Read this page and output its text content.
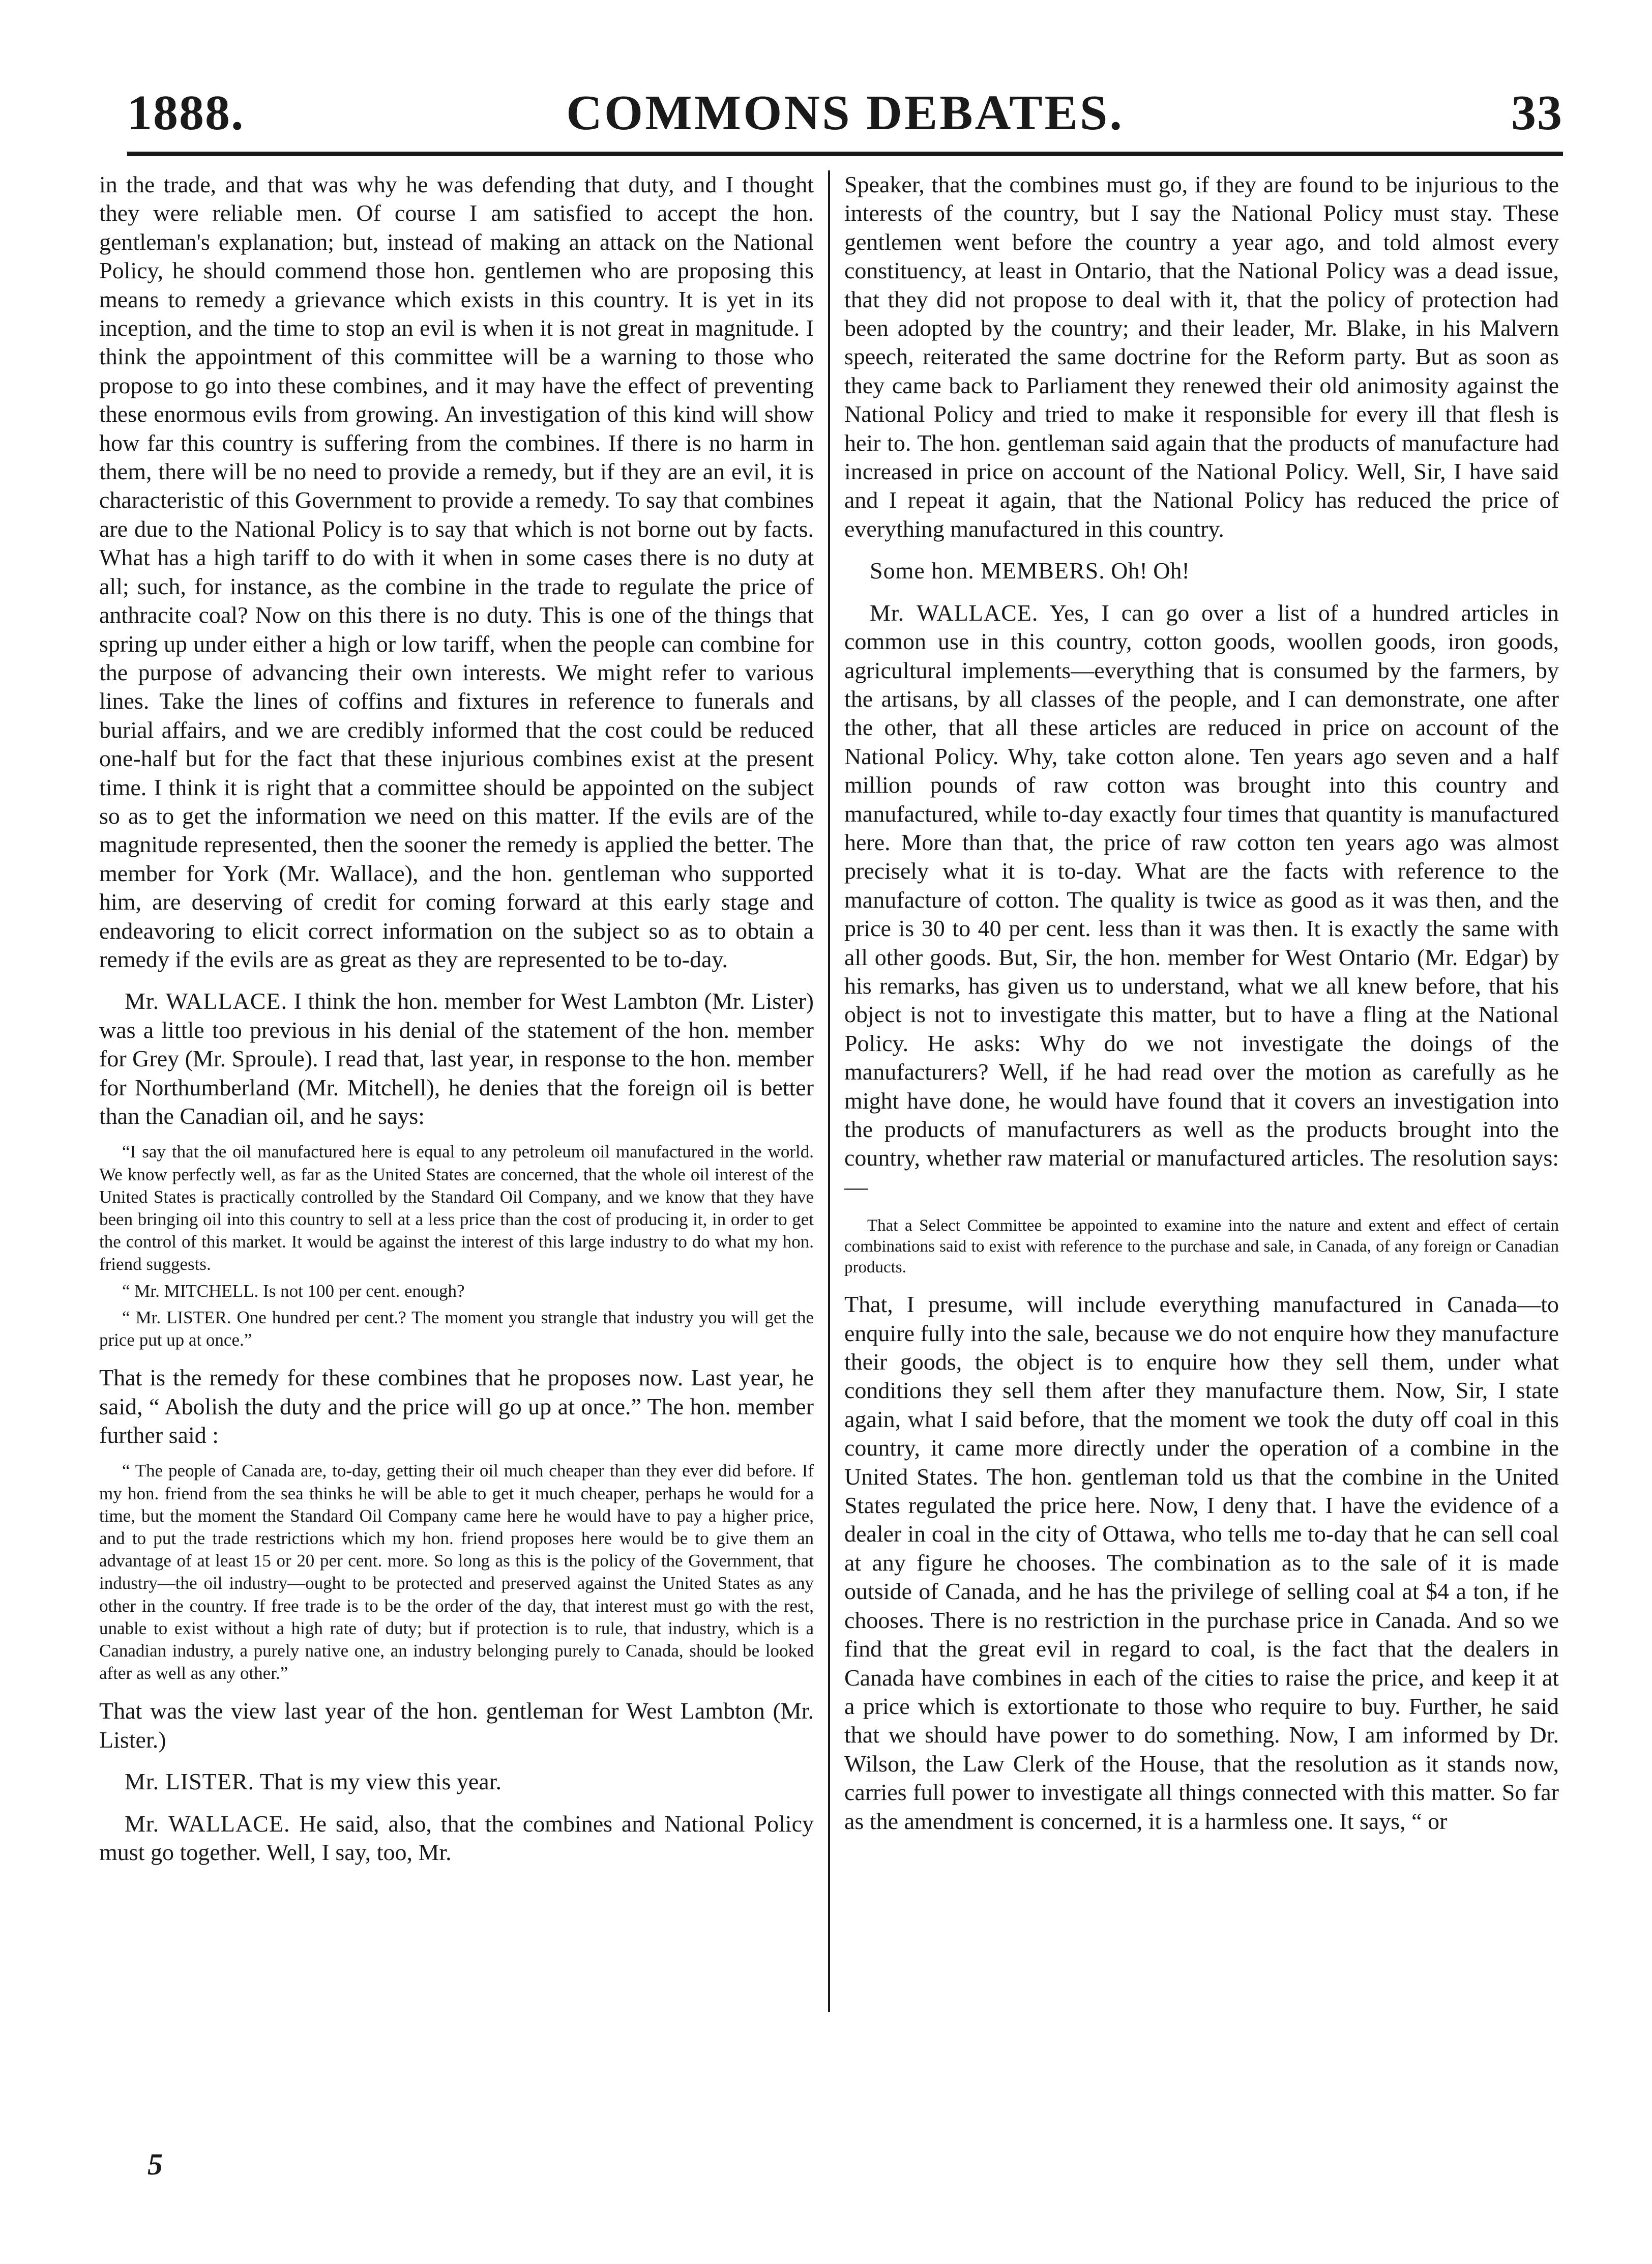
COMMONS DEBATES.
1888.	33

in the trade, and that was why he was defending that duty, and I thought they were reliable men. Of course I am satisfied to accept the hon. gentleman's explanation; but, instead of making an attack on the National Policy, he should commend those hon. gentlemen who are proposing this means to remedy a grievance which exists in this country. It is yet in its inception, and the time to stop an evil is when it is not great in magnitude. I think the appointment of this committee will be a warning to those who propose to go into these combines, and it may have the effect of preventing these enormous evils from growing. An investigation of this kind will show how far this country is suffering from the combines. If there is no harm in them, there will be no need to provide a remedy, but if they are an evil, it is characteristic of this Government to provide a remedy. To say that combines are due to the National Policy is to say that which is not borne out by facts. What has a high tariff to do with it when in some cases there is no duty at all; such, for instance, as the combine in the trade to regulate the price of anthracite coal? Now on this there is no duty. This is one of the things that spring up under either a high or low tariff, when the people can combine for the purpose of advancing their own interests. We might refer to various lines. Take the lines of coffins and fixtures in reference to funerals and burial affairs, and we are credibly informed that the cost could be reduced one-half but for the fact that these injurious combines exist at the present time. I think it is right that a committee should be appointed on the subject so as to get the information we need on this matter. If the evils are of the magnitude represented, then the sooner the remedy is applied the better. The member for York (Mr. Wallace), and the hon. gentleman who supported him, are deserving of credit for coming forward at this early stage and endeavoring to elicit correct information on the subject so as to obtain a remedy if the evils are as great as they are represented to be to-day.

Mr. WALLACE. I think the hon. member for West Lambton (Mr. Lister) was a little too previous in his denial of the statement of the hon. member for Grey (Mr. Sproule). I read that, last year, in response to the hon. member for Northumberland (Mr. Mitchell), he denies that the foreign oil is better than the Canadian oil, and he says:

“I say that the oil manufactured here is equal to any petroleum oil manufactured in the world. We know perfectly well, as far as the United States are concerned, that the whole oil interest of the United States is practically controlled by the Standard Oil Company, and we know that they have been bringing oil into this country to sell at a less price than the cost of producing it, in order to get the control of this market. It would be against the interest of this large industry to do what my hon. friend suggests.

“ Mr. MITCHELL. Is not 100 per cent. enough?

“ Mr. LISTER. One hundred per cent.? The moment you strangle that industry you will get the price put up at once.”

That is the remedy for these combines that he proposes now. Last year, he said, “ Abolish the duty and the price will go up at once.” The hon. member further said :

“ The people of Canada are, to-day, getting their oil much cheaper than they ever did before. If my hon. friend from the sea thinks he will be able to get it much cheaper, perhaps he would for a time, but the moment the Standard Oil Company came here he would have to pay a higher price, and to put the trade restrictions which my hon. friend proposes here would be to give them an advantage of at least 15 or 20 per cent. more. So long as this is the policy of the Government, that industry—the oil industry—ought to be protected and preserved against the United States as any other in the country. If free trade is to be the order of the day, that interest must go with the rest, unable to exist without a high rate of duty; but if protection is to rule, that industry, which is a Canadian industry, a purely native one, an industry belonging purely to Canada, should be looked after as well as any other.”

That was the view last year of the hon. gentleman for West Lambton (Mr. Lister.)

Mr. LISTER. That is my view this year.

Mr. WALLACE. He said, also, that the combines and National Policy must go together. Well, I say, too, Mr.

Speaker, that the combines must go, if they are found to be injurious to the interests of the country, but I say the National Policy must stay. These gentlemen went before the country a year ago, and told almost every constituency, at least in Ontario, that the National Policy was a dead issue, that they did not propose to deal with it, that the policy of protection had been adopted by the country; and their leader, Mr. Blake, in his Malvern speech, reiterated the same doctrine for the Reform party. But as soon as they came back to Parliament they renewed their old animosity against the National Policy and tried to make it responsible for every ill that flesh is heir to. The hon. gentleman said again that the products of manufacture had increased in price on account of the National Policy. Well, Sir, I have said and I repeat it again, that the National Policy has reduced the price of everything manufactured in this country.

Some hon. MEMBERS. Oh! Oh!

Mr. WALLACE. Yes, I can go over a list of a hundred articles in common use in this country, cotton goods, woollen goods, iron goods, agricultural implements—everything that is consumed by the farmers, by the artisans, by all classes of the people, and I can demonstrate, one after the other, that all these articles are reduced in price on account of the National Policy. Why, take cotton alone. Ten years ago seven and a half million pounds of raw cotton was brought into this country and manufactured, while to-day exactly four times that quantity is manufactured here. More than that, the price of raw cotton ten years ago was almost precisely what it is to-day. What are the facts with reference to the manufacture of cotton. The quality is twice as good as it was then, and the price is 30 to 40 per cent. less than it was then. It is exactly the same with all other goods. But, Sir, the hon. member for West Ontario (Mr. Edgar) by his remarks, has given us to understand, what we all knew before, that his object is not to investigate this matter, but to have a fling at the National Policy. He asks: Why do we not investigate the doings of the manufacturers? Well, if he had read over the motion as carefully as he might have done, he would have found that it covers an investigation into the products of manufacturers as well as the products brought into the country, whether raw material or manufactured articles. The resolution says:—

That a Select Committee be appointed to examine into the nature and extent and effect of certain combinations said to exist with reference to the purchase and sale, in Canada, of any foreign or Canadian products.

That, I presume, will include everything manufactured in Canada—to enquire fully into the sale, because we do not enquire how they manufacture their goods, the object is to enquire how they sell them, under what conditions they sell them after they manufacture them. Now, Sir, I state again, what I said before, that the moment we took the duty off coal in this country, it came more directly under the operation of a combine in the United States. The hon. gentleman told us that the combine in the United States regulated the price here. Now, I deny that. I have the evidence of a dealer in coal in the city of Ottawa, who tells me to-day that he can sell coal at any figure he chooses. The combination as to the sale of it is made outside of Canada, and he has the privilege of selling coal at $4 a ton, if he chooses. There is no restriction in the purchase price in Canada. And so we find that the great evil in regard to coal, is the fact that the dealers in Canada have combines in each of the cities to raise the price, and keep it at a price which is extortionate to those who require to buy. Further, he said that we should have power to do something. Now, I am informed by Dr. Wilson, the Law Clerk of the House, that the resolution as it stands now, carries full power to investigate all things connected with this matter. So far as the amendment is concerned, it is a harmless one. It says, “ or

5
